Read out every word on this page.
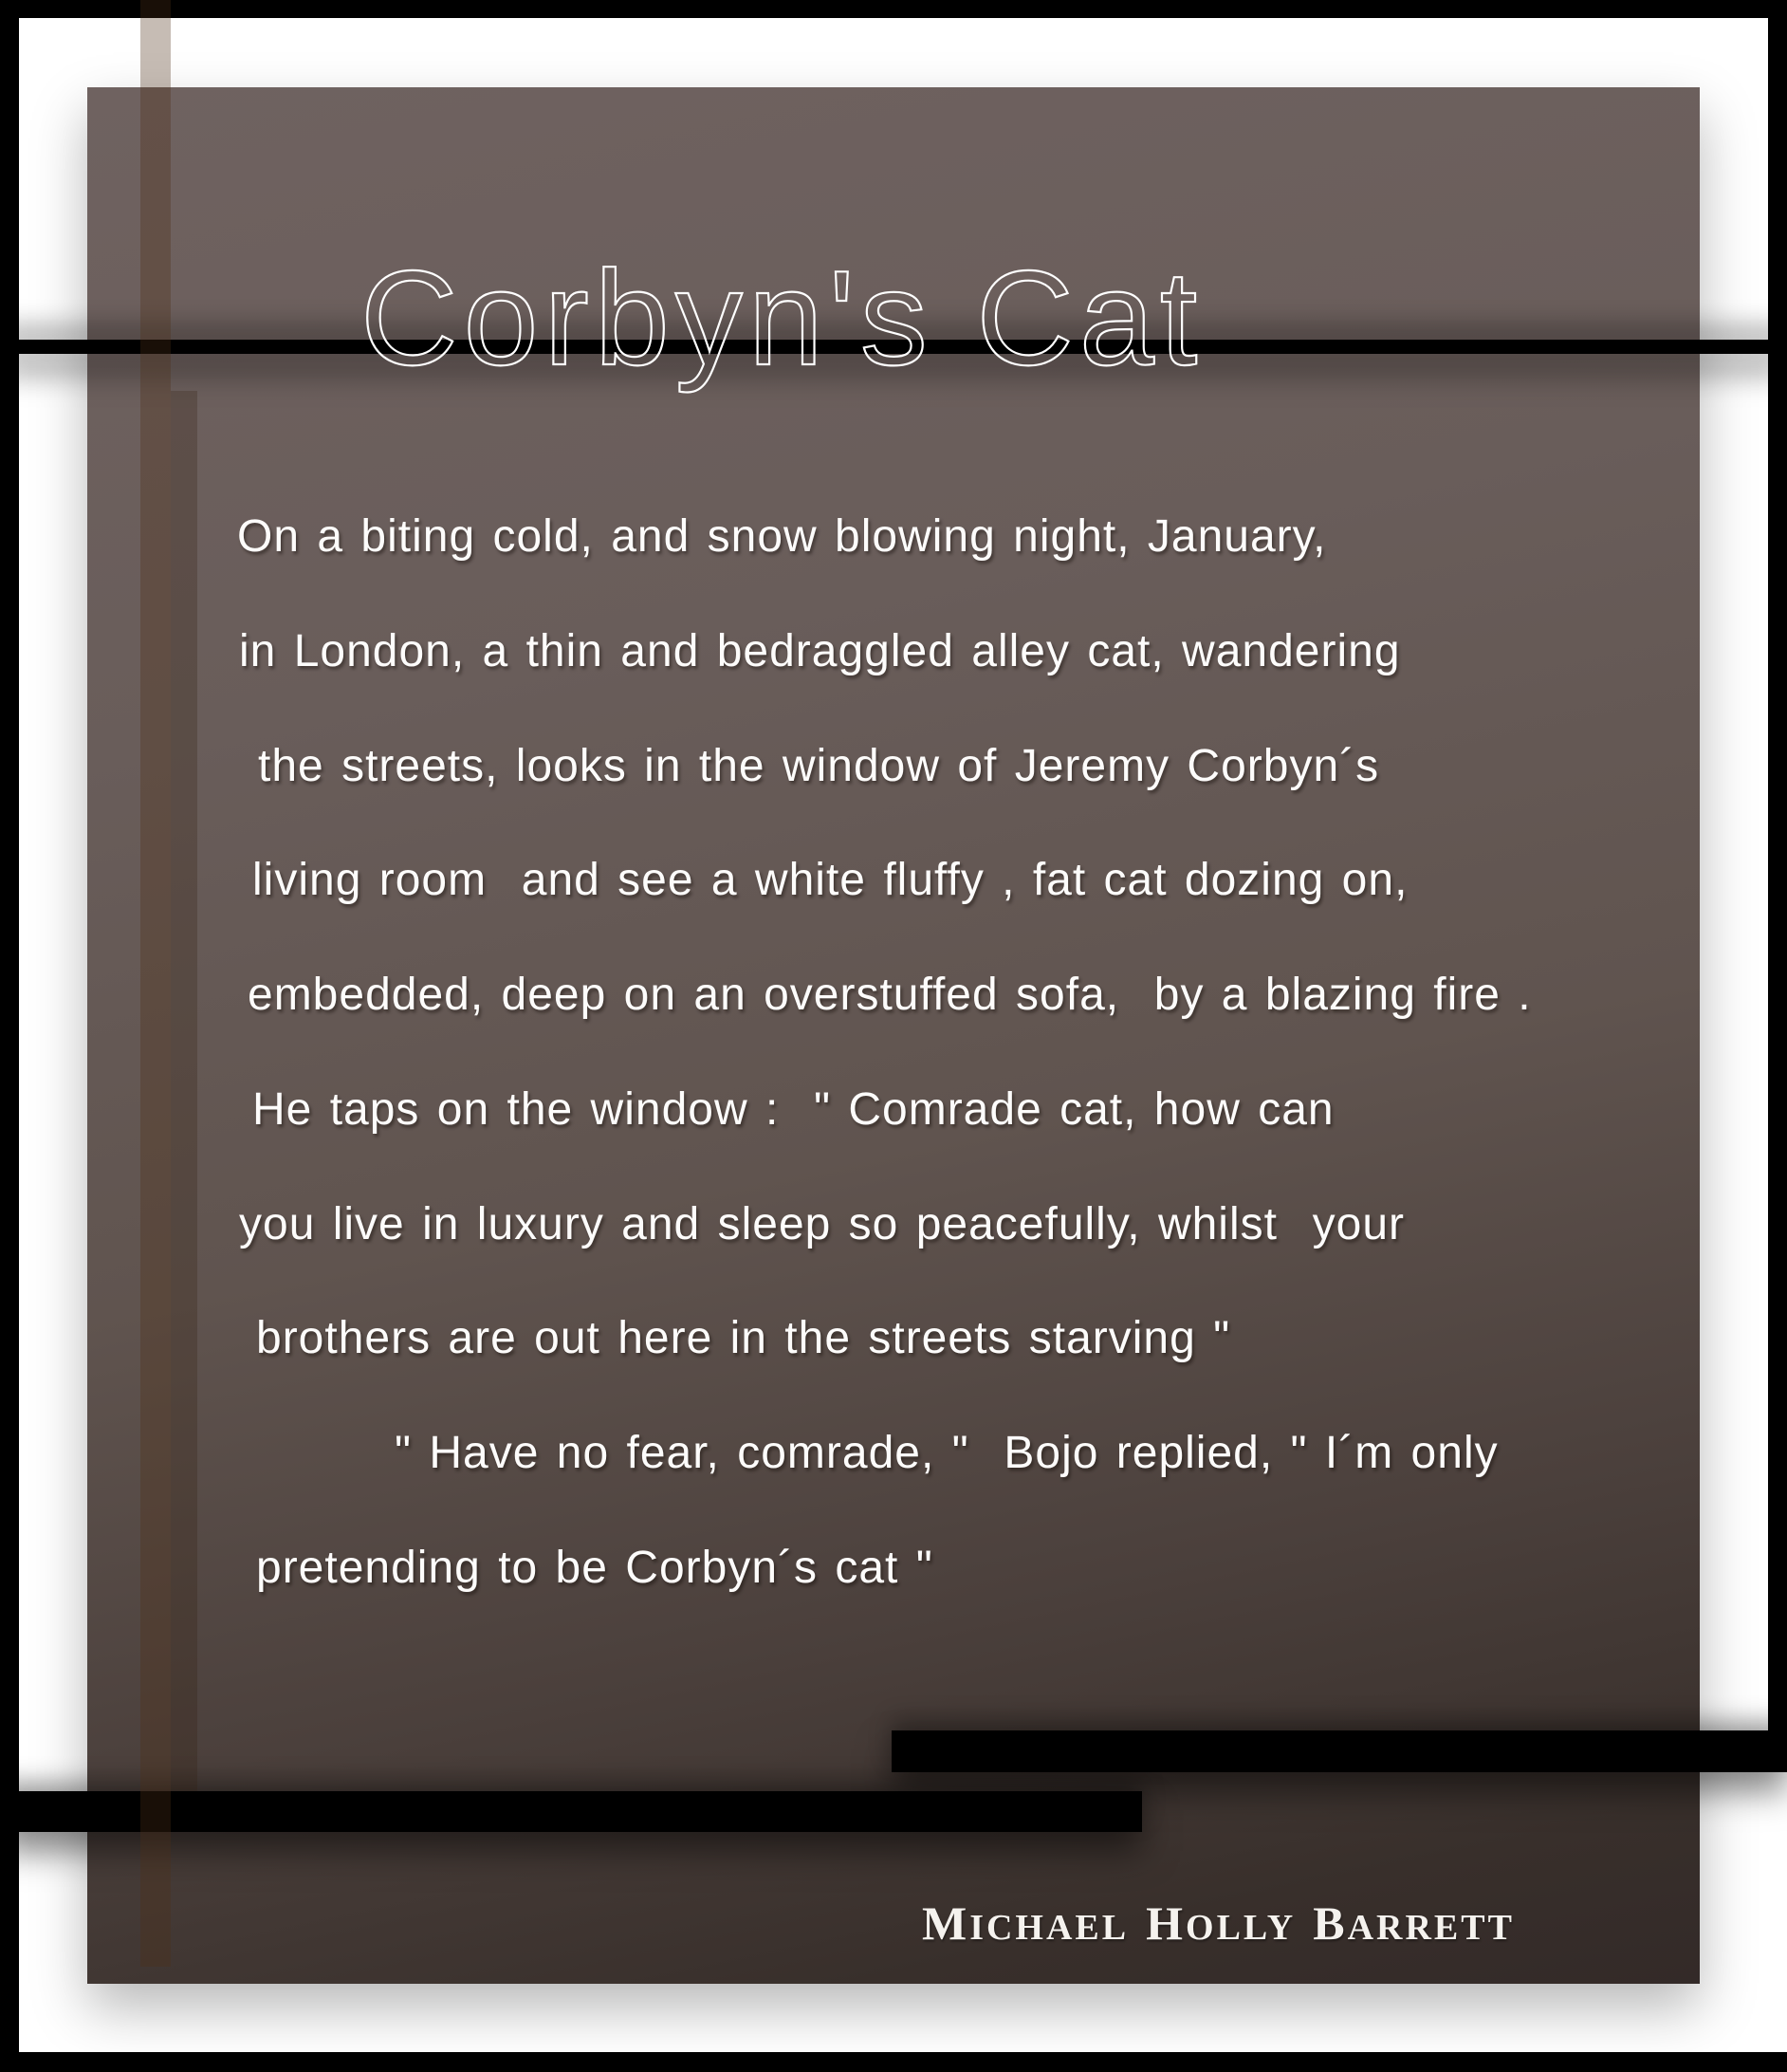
Corbyn's Cat
On a biting cold, and snow blowing night, January,
in London, a thin and bedraggled alley cat, wandering
the streets, looks in the window of Jeremy Corbyn´s
living room  and see a white fluffy , fat cat dozing on,
embedded, deep on an overstuffed sofa,  by a blazing fire .
He taps on the window :  " Comrade cat, how can
you live in luxury and sleep so peacefully, whilst  your
brothers are out here in the streets starving "
" Have no fear, comrade, "  Bojo replied, " I´m only
pretending to be Corbyn´s cat "
MICHAEL HOLLY BARRETT
